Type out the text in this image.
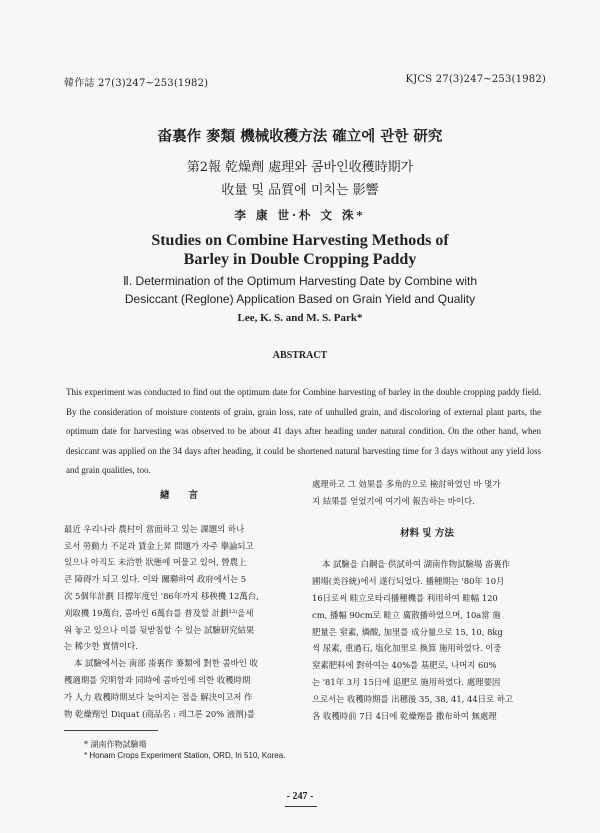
韓作誌 27(3)247~253(1982)	KJCS 27(3)247~253(1982)
畓裏作 麥類 機械收穫方法 確立에 관한 研究
第2報 乾燥劑 處理와 콤바인收穫時期가
收量 및 品質에 미치는 影響
李 康 世·朴 文 洙*
Studies on Combine Harvesting Methods of
Barley in Double Cropping Paddy
Ⅱ. Determination of the Optimum Harvesting Date by Combine with
Desiccant (Reglone) Application Based on Grain Yield and Quality
Lee, K. S. and M. S. Park*
ABSTRACT
This experiment was conducted to find out the optimum date for Combine harvesting of barley in the double cropping paddy field. By the consideration of moisture contents of grain, grain loss, rate of unhulled grain, and discoloring of external plant parts, the optimum date for harvesting was observed to be about 41 days after heading under natural condition. On the other hand, when desiccant was applied on the 34 days after heading, it could be shortened natural harvesting time for 3 days without any yield loss and grain qualities, too.
緖　　言
最近 우리나라 農村이 當面하고 있는 課題의 하나
로서 勞動力 不足과 賃金上昇 問題가 자주 擧論되고
있으나 아직도 未洽한 狀態에 머물고 있어, 營農上
큰 障碍가 되고 있다. 이와 關聯하여 政府에서는 5
次 5個年計劃 目標年度인 '86年까지 移秧機 12萬台,
刈取機 19萬台, 콤바인 6萬台를 普及할 計劃¹³⁾을세
워 놓고 있으나 이를 뒷받침할 수 있는 試驗研究結果
는 稀少한 實情이다.
本 試驗에서는 南部 畓裏作 麥類에 對한 콤바인 收
穫適期를 究明함과 同時에 콤바인에 의한 收穫時期
가 人力 收穫時期보다 늦어지는 점을 解決이고저 作
物 乾燥劑인 Diquat (商品名 : 레그론 20% 液劑)를
處理하고 그 効果를 多角的으로 檢討하였던 바 몇가
지 結果를 얻었기에 여기에 報告하는 바이다.
材料 및 方法
本 試驗을 白鋼을 供試하여 湖南作物試驗場 畓裏作
圃場(美谷統)에서 遂行되었다. 播種期는 '80年 10月
16日로써 畦立로타리播種機를 利用하여 畦幅 120
cm, 播幅 90cm로 畦立 廣散播하였으며, 10a當 施
肥量은 窒素, 燐酸, 加里를 成分量으로 15, 10, 8kg
씩 尿素, 重過石, 塩化加里로 換算 施用하였다. 이중
窒素肥料에 對하여는 40%를 基肥로, 나머지 60%
는 '81年 3月 15日에 追肥로 施用하였다. 處理要因
으로서는 收穫時期를 出穗後 35, 38, 41, 44日로 하고
各 收穫時前 7日 4日에 乾燥劑를 撒布하여 無處理
* 湖南作物試驗場
* Honam Crops Experiment Station, ORD, Iri 510, Korea.
- 247 -
